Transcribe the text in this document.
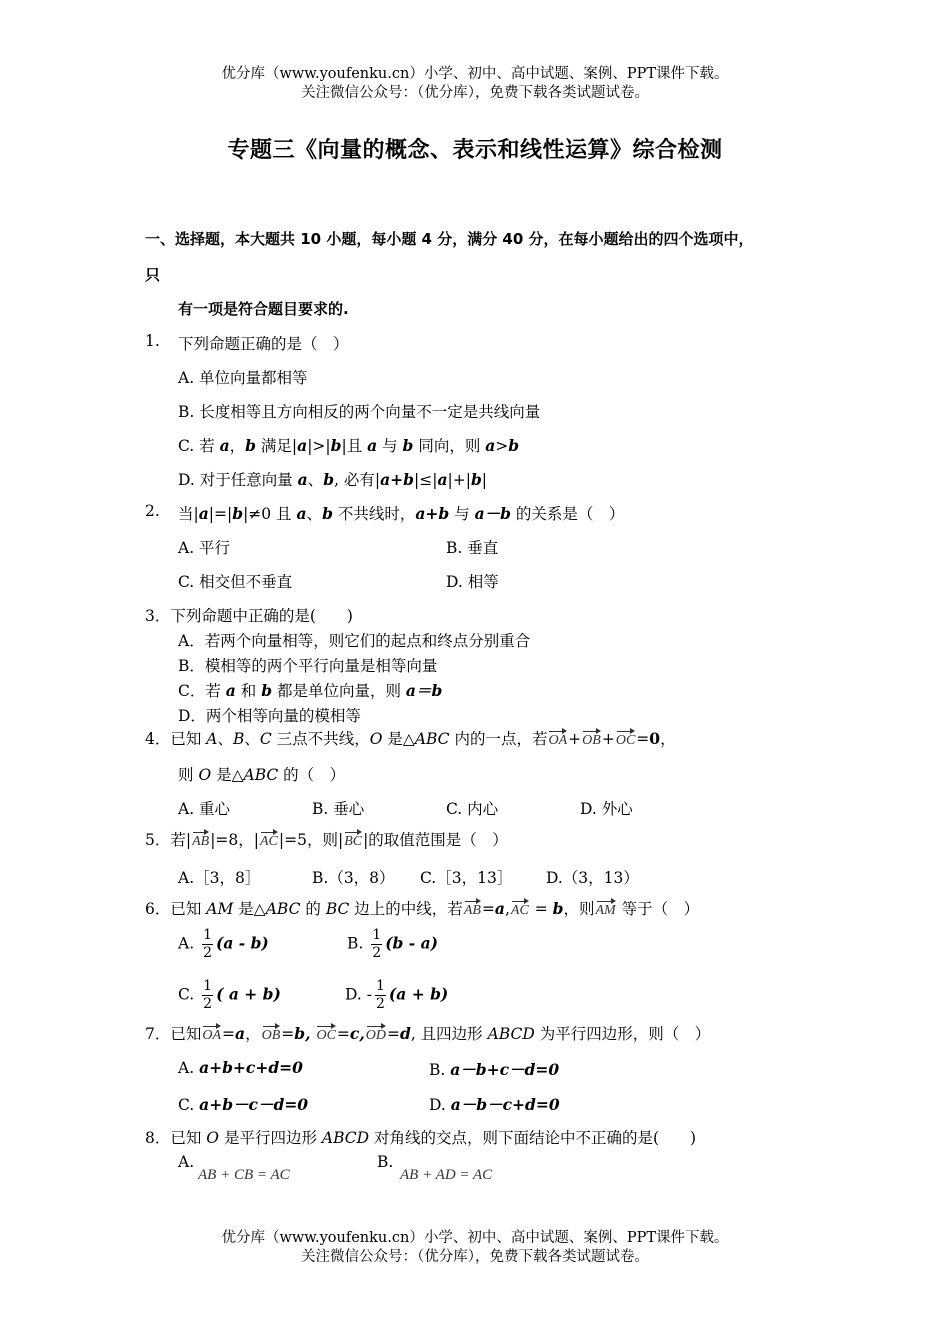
优分库（www.youfenku.cn）小学、初中、高中试题、案例、PPT课件下载。
关注微信公众号：（优分库），免费下载各类试题试卷。
专题三《向量的概念、表示和线性运算》综合检测
一、选择题，本大题共 10 小题，每小题 4 分，满分 40 分，在每小题给出的四个选项中，
只
有一项是符合题目要求的.
1. 下列命题正确的是（　）
A. 单位向量都相等
B. 长度相等且方向相反的两个向量不一定是共线向量
C. 若 a，b 满足|a|>|b|且 a 与 b 同向，则 a>b
D. 对于任意向量 a、b, 必有|a+b|≤|a|+|b|
2. 当|a|=|b|≠0 且 a、b 不共线时，a+b 与 a－b 的关系是（　）
A. 平行	B. 垂直
C. 相交但不垂直	D. 相等
3．下列命题中正确的是(　　)
A．若两个向量相等，则它们的起点和终点分别重合
B．模相等的两个平行向量是相等向量
C．若 a 和 b 都是单位向量，则 a＝b
D．两个相等向量的模相等
4．已知 A、B、C 三点不共线，O 是△ABC 内的一点，若OA+OB+OC=0，
则 O 是△ABC 的（　）
A. 重心	B. 垂心	C. 内心	D. 外心
5．若|AB|=8，|AC|=5，则|BC|的取值范围是（　）
A.［3，8］	B.（3，8） C.［3，13］ D.（3，13）
6．已知 AM 是△ABC 的 BC 边上的中线，若AB=a,AC = b，则AM 等于（　）
A. $\frac{1}{2} (a - b)$	B. $\frac{1}{2} (b - a)$
C. $\frac{1}{2}$ ( a + b)	D. - $\frac{1}{2} (a + b)$
7．已知OA=a，OB=b, OC=c,OD=d, 且四边形 ABCD 为平行四边形，则（　）
A. a+b+c+d=0	B. a－b+c－d=0
C. a+b－c－d=0	D. a－b－c+d=0
8．已知 O 是平行四边形 ABCD 对角线的交点，则下面结论中不正确的是(　　)
A.
AB + CB = AC
B.
AB + AD = AC
优分库（www.youfenku.cn）小学、初中、高中试题、案例、PPT课件下载。
关注微信公众号：（优分库），免费下载各类试题试卷。
